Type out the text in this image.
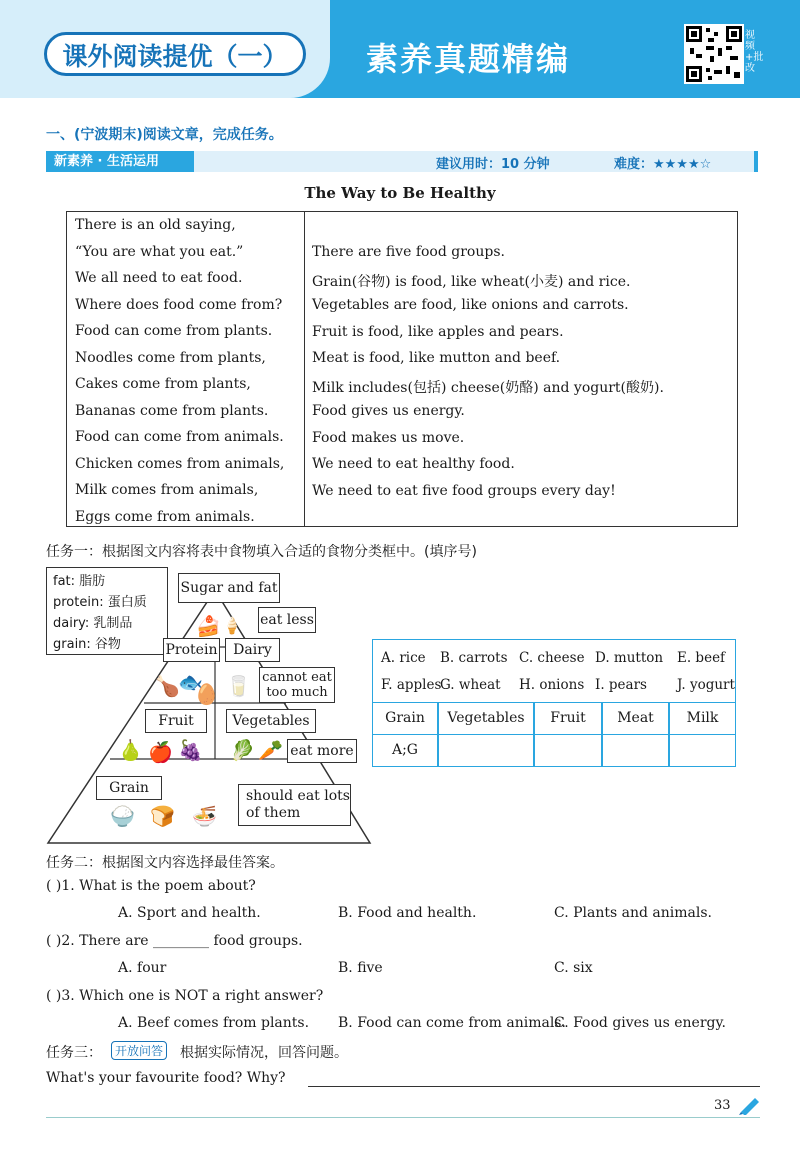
课外阅读提优（一）	素养真题精编
视频+批改
一、(宁波期末)阅读文章，完成任务。
新素养 · 生活运用	建议用时：10 分钟	难度：★★★★☆
The Way to Be Healthy
There is an old saying,
“You are what you eat.”
We all need to eat food.
Where does food come from?
Food can come from plants.
Noodles come from plants,
Cakes come from plants,
Bananas come from plants.
Food can come from animals.
Chicken comes from animals,
Milk comes from animals,
Eggs come from animals.
There are five food groups.
Grain(谷物) is food, like wheat(小麦) and rice.
Vegetables are food, like onions and carrots.
Fruit is food, like apples and pears.
Meat is food, like mutton and beef.
Milk includes(包括) cheese(奶酪) and yogurt(酸奶).
Food gives us energy.
Food makes us move.
We need to eat healthy food.
We need to eat five food groups every day!
任务一：根据图文内容将表中食物填入合适的食物分类框中。(填序号)
fat: 脂肪
protein: 蛋白质
dairy: 乳制品
grain: 谷物
Sugar and fat
eat less
🍰 🍦
Protein	Dairy
cannot eat
too much
🍗
🐟
🥚 🥛
Fruit	Vegetables
eat more
🍐 🍎 🍇 🥬 🥕
Grain	should eat lots
of them
🍚 🍞 🍜
A. rice B. carrots C. cheese D. mutton E. beef
F. apples
G. wheat H. onions I. pears J. yogurt
Grain	Vegetables	Fruit	Meat	Milk
A;G
任务二：根据图文内容选择最佳答案。
( )1. What is the poem about?
A. Sport and health.	B. Food and health.	C. Plants and animals.
( )2. There are ________ food groups.
A. four	B. five	C. six
( )3. Which one is NOT a right answer?
A. Beef comes from plants. B. Food can come from animals.
C. Food gives us energy.
任务三：	开放问答 根据实际情况，回答问题。
What's your favourite food? Why?
33
